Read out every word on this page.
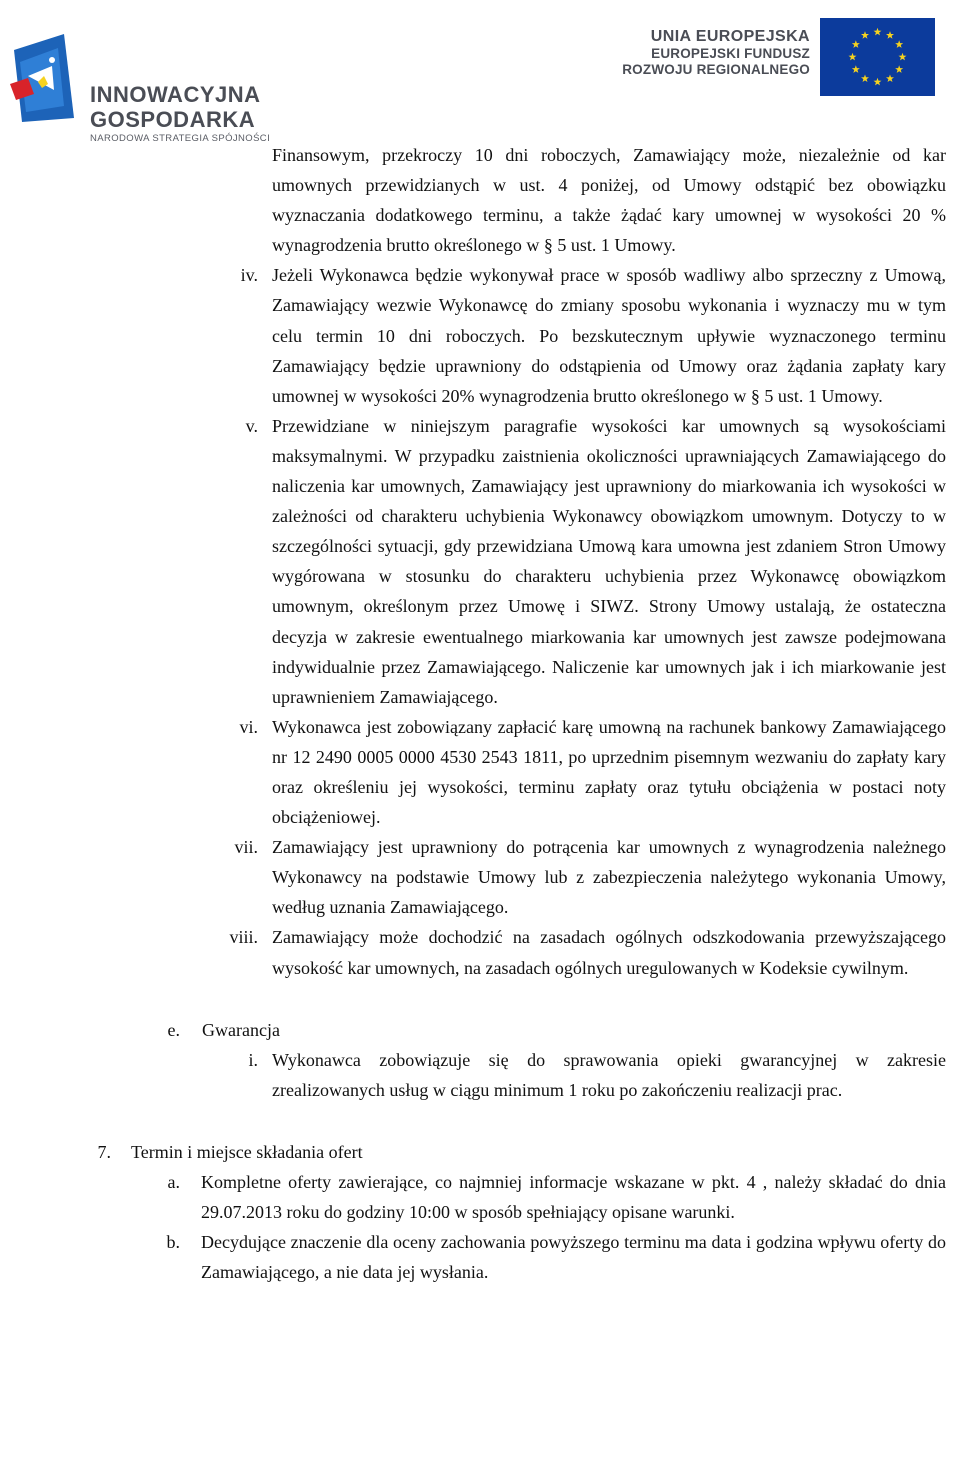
INNOWACYJNA
GOSPODARKA
NARODOWA STRATEGIA SPÓJNOŚCI
UNIA EUROPEJSKA
EUROPEJSKI FUNDUSZ
ROZWOJU REGIONALNEGO
Finansowym, przekroczy 10 dni roboczych, Zamawiający może, niezależnie od kar umownych przewidzianych w ust. 4 poniżej, od Umowy odstąpić bez obowiązku wyznaczania dodatkowego terminu, a także żądać kary umownej w wysokości 20 % wynagrodzenia brutto określonego w § 5 ust. 1 Umowy.
iv. Jeżeli Wykonawca będzie wykonywał prace w sposób wadliwy albo sprzeczny z Umową, Zamawiający wezwie Wykonawcę do zmiany sposobu wykonania i wyznaczy mu w tym celu termin 10 dni roboczych. Po bezskutecznym upływie wyznaczonego terminu Zamawiający będzie uprawniony do odstąpienia od Umowy oraz żądania zapłaty kary umownej w wysokości 20% wynagrodzenia brutto określonego w § 5 ust. 1 Umowy.
v. Przewidziane w niniejszym paragrafie wysokości kar umownych są wysokościami maksymalnymi. W przypadku zaistnienia okoliczności uprawniających Zamawiającego do naliczenia kar umownych, Zamawiający jest uprawniony do miarkowania ich wysokości w zależności od charakteru uchybienia Wykonawcy obowiązkom umownym. Dotyczy to w szczególności sytuacji, gdy przewidziana Umową kara umowna jest zdaniem Stron Umowy wygórowana w stosunku do charakteru uchybienia przez Wykonawcę obowiązkom umownym, określonym przez Umowę i SIWZ. Strony Umowy ustalają, że ostateczna decyzja w zakresie ewentualnego miarkowania kar umownych jest zawsze podejmowana indywidualnie przez Zamawiającego. Naliczenie kar umownych jak i ich miarkowanie jest uprawnieniem Zamawiającego.
vi. Wykonawca jest zobowiązany zapłacić karę umowną na rachunek bankowy Zamawiającego nr 12 2490 0005 0000 4530 2543 1811, po uprzednim pisemnym wezwaniu do zapłaty kary oraz określeniu jej wysokości, terminu zapłaty oraz tytułu obciążenia w postaci noty obciążeniowej.
vii. Zamawiający jest uprawniony do potrącenia kar umownych z wynagrodzenia należnego Wykonawcy na podstawie Umowy lub z zabezpieczenia należytego wykonania Umowy, według uznania Zamawiającego.
viii. Zamawiający może dochodzić na zasadach ogólnych odszkodowania przewyższającego wysokość kar umownych, na zasadach ogólnych uregulowanych w Kodeksie cywilnym.
e. Gwarancja
i. Wykonawca zobowiązuje się do sprawowania opieki gwarancyjnej w zakresie zrealizowanych usług w ciągu minimum 1 roku po zakończeniu realizacji prac.
7. Termin i miejsce składania ofert
a. Kompletne oferty zawierające, co najmniej informacje wskazane w pkt. 4 , należy składać do dnia 29.07.2013 roku do godziny 10:00 w sposób spełniający opisane warunki.
b. Decydujące znaczenie dla oceny zachowania powyższego terminu ma data i godzina wpływu oferty do Zamawiającego, a nie data jej wysłania.
